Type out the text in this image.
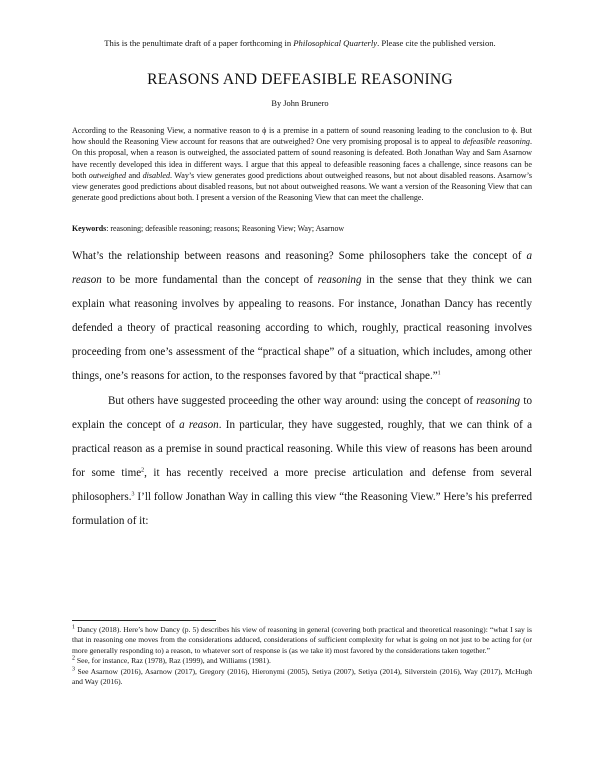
This is the penultimate draft of a paper forthcoming in Philosophical Quarterly. Please cite the published version.
REASONS AND DEFEASIBLE REASONING
By John Brunero
According to the Reasoning View, a normative reason to ϕ is a premise in a pattern of sound reasoning leading to the conclusion to ϕ. But how should the Reasoning View account for reasons that are outweighed? One very promising proposal is to appeal to defeasible reasoning. On this proposal, when a reason is outweighed, the associated pattern of sound reasoning is defeated. Both Jonathan Way and Sam Asarnow have recently developed this idea in different ways. I argue that this appeal to defeasible reasoning faces a challenge, since reasons can be both outweighed and disabled. Way’s view generates good predictions about outweighed reasons, but not about disabled reasons. Asarnow’s view generates good predictions about disabled reasons, but not about outweighed reasons. We want a version of the Reasoning View that can generate good predictions about both. I present a version of the Reasoning View that can meet the challenge.
Keywords: reasoning; defeasible reasoning; reasons; Reasoning View; Way; Asarnow

What’s the relationship between reasons and reasoning? Some philosophers take the concept of a reason to be more fundamental than the concept of reasoning in the sense that they think we can explain what reasoning involves by appealing to reasons. For instance, Jonathan Dancy has recently defended a theory of practical reasoning according to which, roughly, practical reasoning involves proceeding from one’s assessment of the “practical shape” of a situation, which includes, among other things, one’s reasons for action, to the responses favored by that “practical shape.”$^1$

But others have suggested proceeding the other way around: using the concept of reasoning to explain the concept of a reason. In particular, they have suggested, roughly, that we can think of a practical reason as a premise in sound practical reasoning. While this view of reasons has been around for some time$^2$, it has recently received a more precise articulation and defense from several philosophers.$^3$ I’ll follow Jonathan Way in calling this view “the Reasoning View.” Here’s his preferred formulation of it:

$^1$ Dancy (2018). Here’s how Dancy (p. 5) describes his view of reasoning in general (covering both practical and theoretical reasoning): “what I say is that in reasoning one moves from the considerations adduced, considerations of sufficient complexity for what is going on not just to be acting for (or more generally responding to) a reason, to whatever sort of response is (as we take it) most favored by the considerations taken together.”

$^2$ See, for instance, Raz (1978), Raz (1999), and Williams (1981).

$^3$ See Asarnow (2016), Asarnow (2017), Gregory (2016), Hieronymi (2005), Setiya (2007), Setiya (2014), Silverstein (2016), Way (2017), McHugh and Way (2016).
